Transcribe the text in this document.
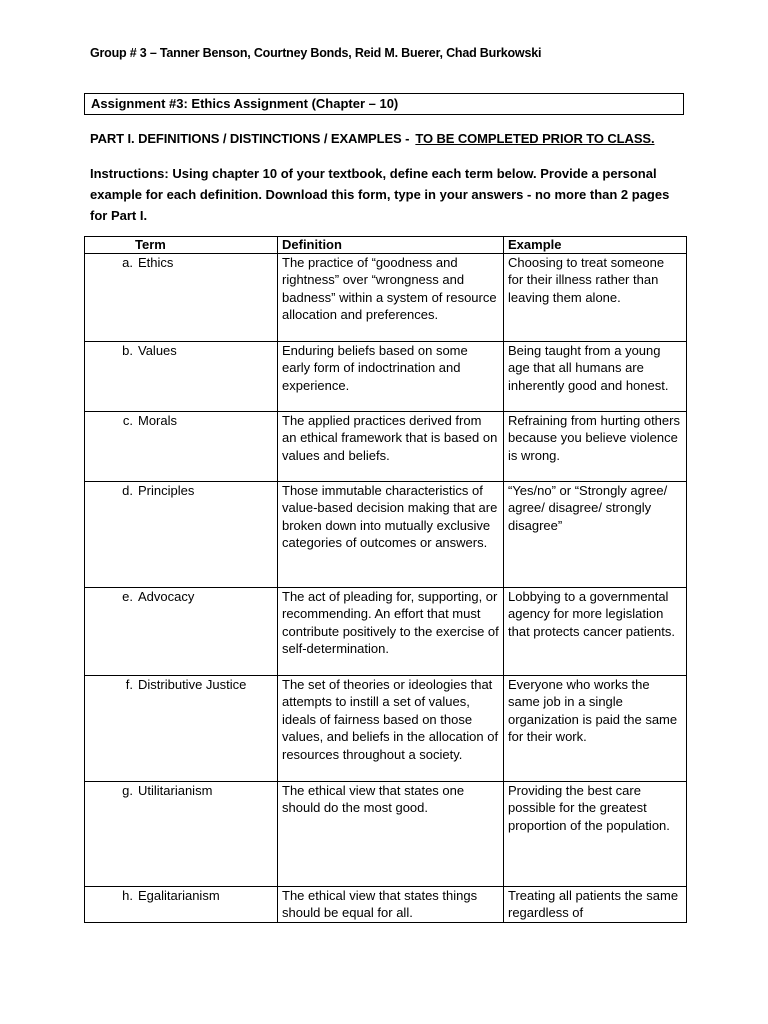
Group # 3 – Tanner Benson, Courtney Bonds, Reid M. Buerer, Chad Burkowski
Assignment #3: Ethics Assignment (Chapter – 10)
PART I. DEFINITIONS / DISTINCTIONS / EXAMPLES - TO BE COMPLETED PRIOR TO CLASS.
Instructions: Using chapter 10 of your textbook, define each term below. Provide a personal example for each definition. Download this form, type in your answers - no more than 2 pages for Part I.
Term	Definition	Example

a. Ethics	The practice of “goodness and rightness” over “wrongness and badness” within a system of resource allocation and preferences.	Choosing to treat someone for their illness rather than leaving them alone.

b. Values	Enduring beliefs based on some early form of indoctrination and experience.	Being taught from a young age that all humans are inherently good and honest.

c. Morals	The applied practices derived from an ethical framework that is based on values and beliefs.	Refraining from hurting others because you believe violence is wrong.

d. Principles	Those immutable characteristics of value-based decision making that are broken down into mutually exclusive categories of outcomes or answers.	“Yes/no” or “Strongly agree/ agree/ disagree/ strongly disagree”

e. Advocacy	The act of pleading for, supporting, or recommending. An effort that must contribute positively to the exercise of self-determination.	Lobbying to a governmental agency for more legislation that protects cancer patients.

f. Distributive Justice	The set of theories or ideologies that attempts to instill a set of values, ideals of fairness based on those values, and beliefs in the allocation of resources throughout a society.	Everyone who works the same job in a single organization is paid the same for their work.

g. Utilitarianism	The ethical view that states one should do the most good.	Providing the best care possible for the greatest proportion of the population.

h. Egalitarianism	The ethical view that states things should be equal for all.	Treating all patients the same regardless of
